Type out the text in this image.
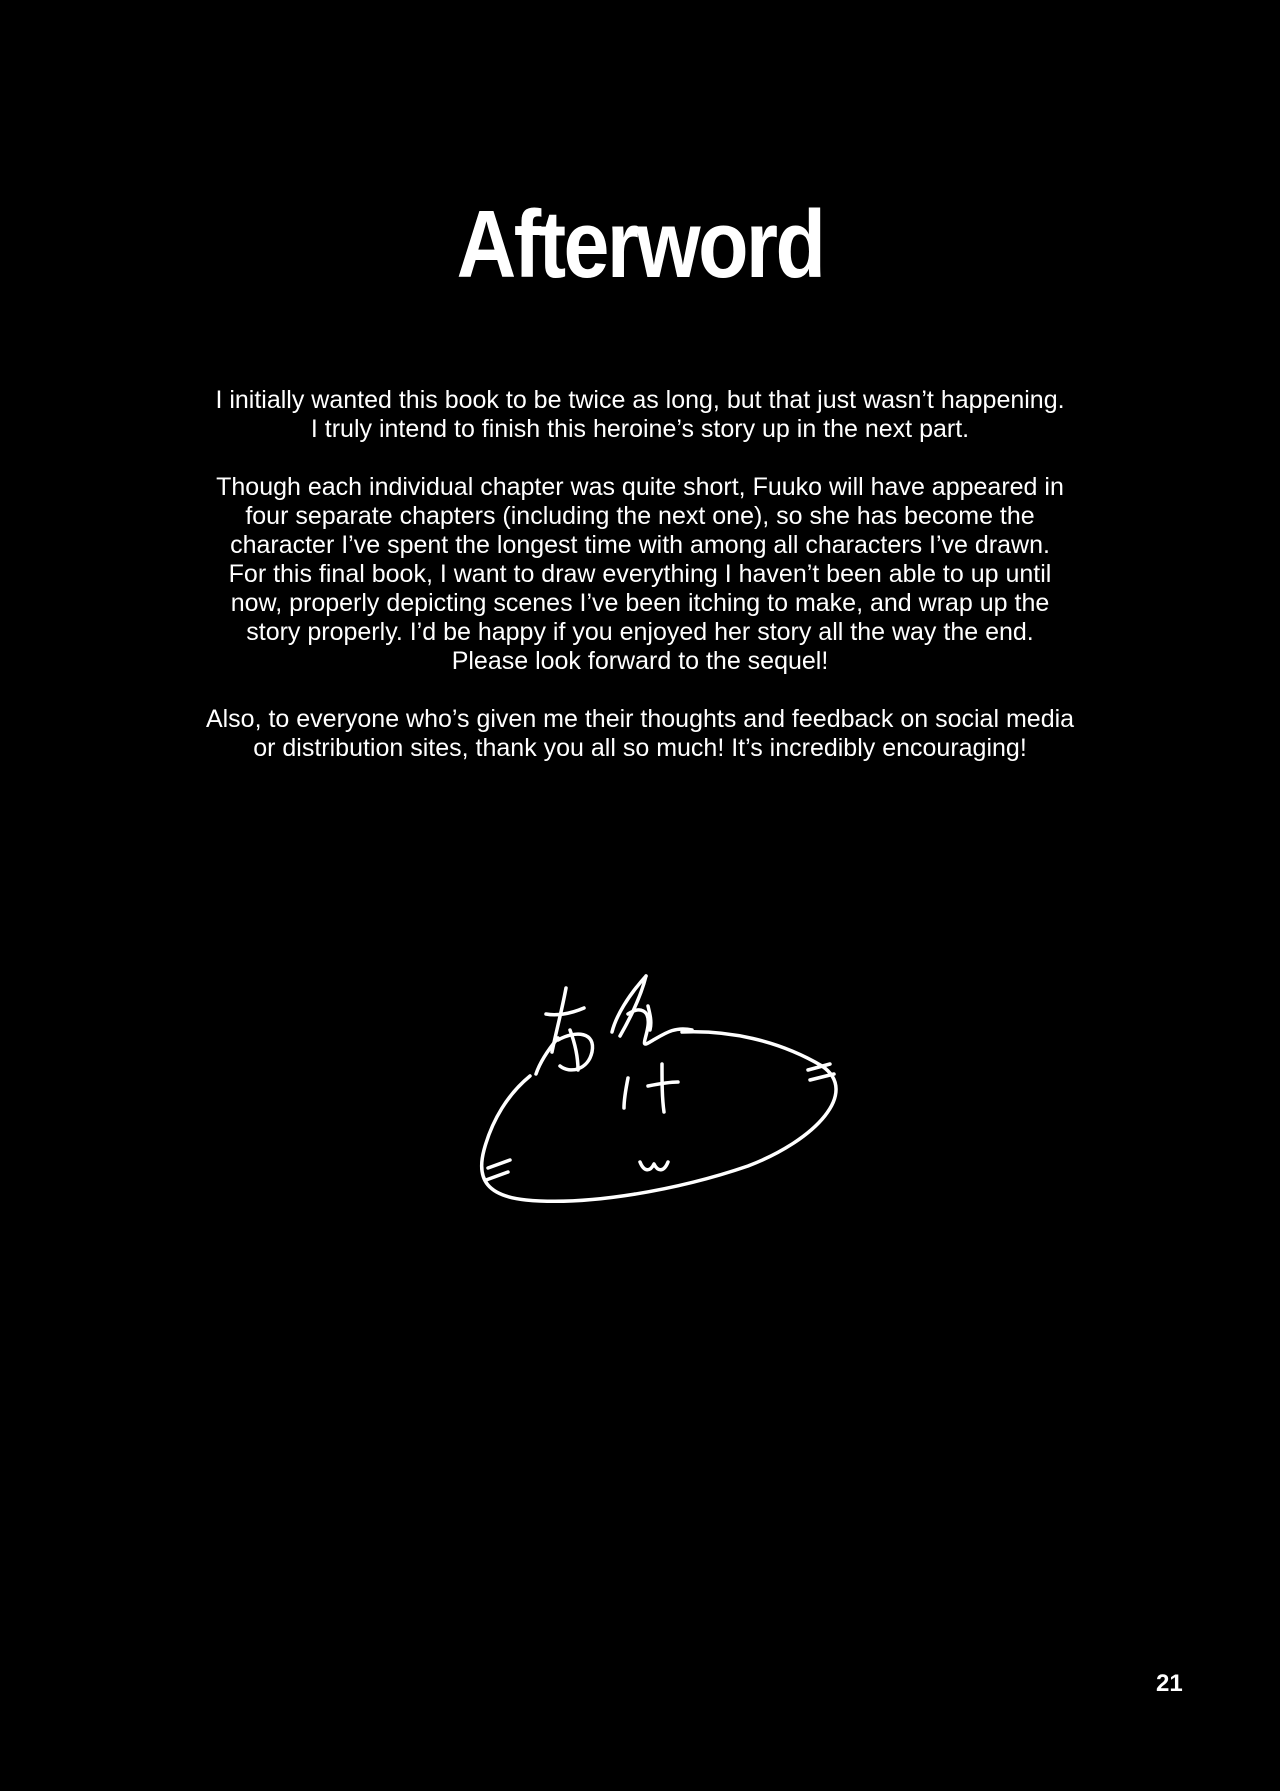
Afterword

I initially wanted this book to be twice as long, but that just wasn’t happening.
I truly intend to finish this heroine’s story up in the next part.

Though each individual chapter was quite short, Fuuko will have appeared in
four separate chapters (including the next one), so she has become the
character I’ve spent the longest time with among all characters I’ve drawn.
For this final book, I want to draw everything I haven’t been able to up until
now, properly depicting scenes I’ve been itching to make, and wrap up the
story properly. I’d be happy if you enjoyed her story all the way the end.
Please look forward to the sequel!

Also, to everyone who’s given me their thoughts and feedback on social media
or distribution sites, thank you all so much! It’s incredibly encouraging!

21
